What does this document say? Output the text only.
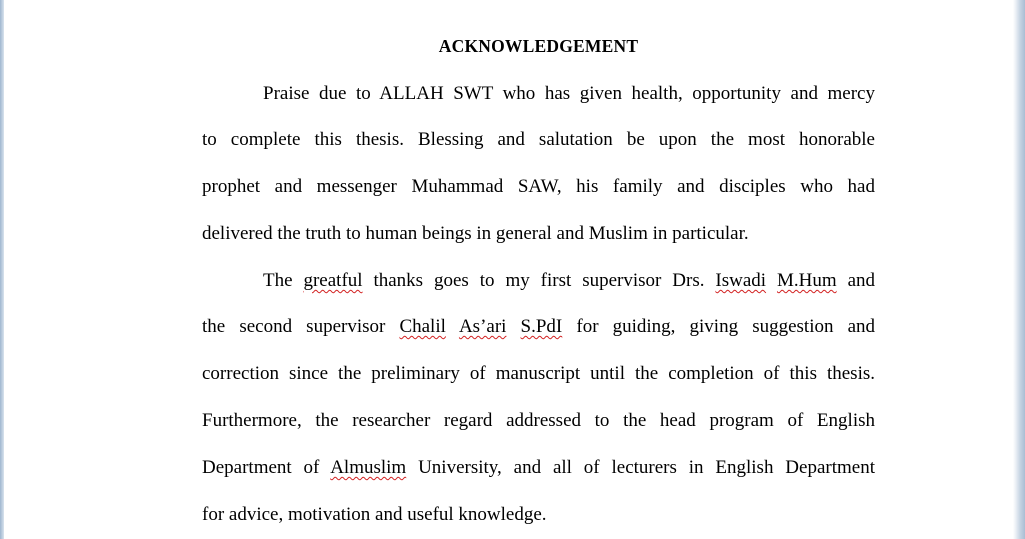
ACKNOWLEDGEMENT
Praise due to ALLAH SWT who has given health, opportunity and mercy
to complete this thesis. Blessing and salutation be upon the most honorable
prophet and messenger Muhammad SAW, his family and disciples who had
delivered the truth to human beings in general and Muslim in particular.
The greatful thanks goes to my first supervisor Drs. Iswadi M.Hum and
the second supervisor Chalil As’ari S.PdI for guiding, giving suggestion and
correction since the preliminary of manuscript until the completion of this thesis.
Furthermore, the researcher regard addressed to the head program of English
Department of Almuslim University, and all of lecturers in English Department
for advice, motivation and useful knowledge.
